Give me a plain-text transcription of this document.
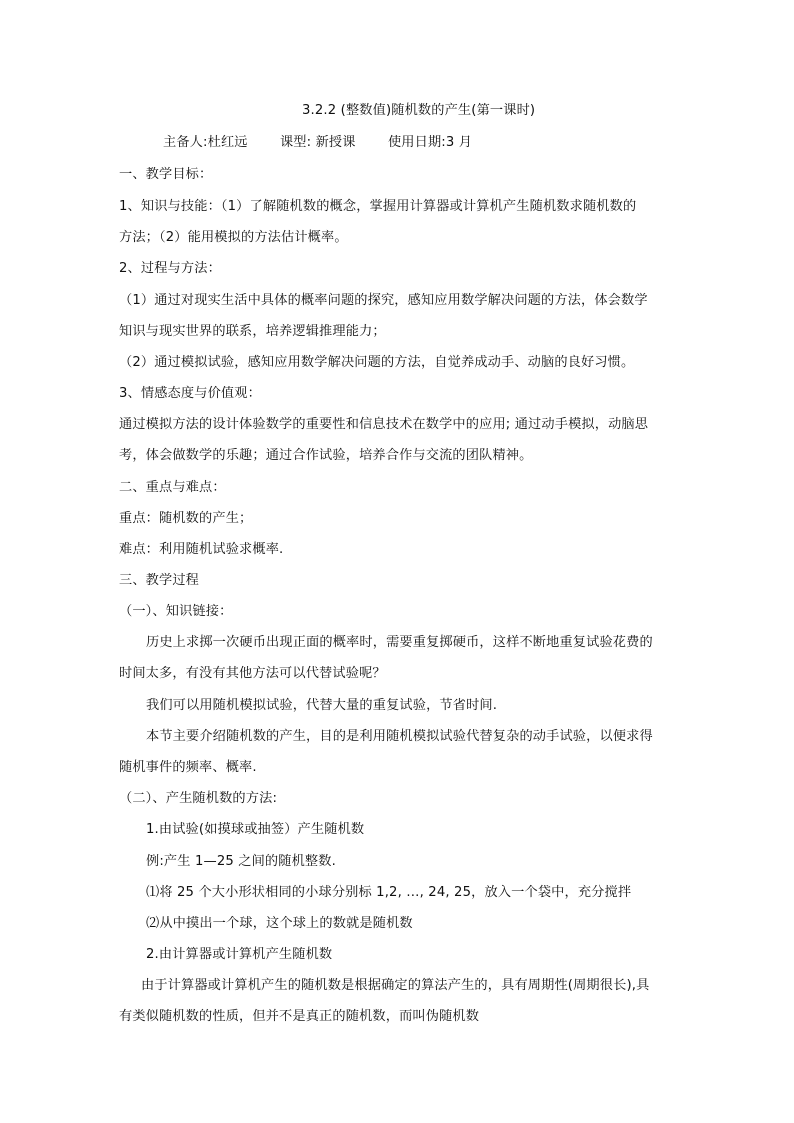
3.2.2 (整数值)随机数的产生(第一课时)
主备人:杜红远 课型: 新授课 使用日期:3 月
一、教学目标：
1、知识与技能：（1）了解随机数的概念，掌握用计算器或计算机产生随机数求随机数的
方法；（2）能用模拟的方法估计概率。
2、过程与方法：
（1）通过对现实生活中具体的概率问题的探究，感知应用数学解决问题的方法，体会数学
知识与现实世界的联系，培养逻辑推理能力；
（2）通过模拟试验，感知应用数学解决问题的方法，自觉养成动手、动脑的良好习惯。
3、情感态度与价值观：
通过模拟方法的设计体验数学的重要性和信息技术在数学中的应用; 通过动手模拟，动脑思
考，体会做数学的乐趣；通过合作试验，培养合作与交流的团队精神。
二、重点与难点：
重点：随机数的产生；
难点：利用随机试验求概率.
三、教学过程
（一）、知识链接：
历史上求掷一次硬币出现正面的概率时，需要重复掷硬币，这样不断地重复试验花费的
时间太多，有没有其他方法可以代替试验呢？
我们可以用随机模拟试验，代替大量的重复试验，节省时间.
本节主要介绍随机数的产生，目的是利用随机模拟试验代替复杂的动手试验，以便求得
随机事件的频率、概率.
（二）、产生随机数的方法:
1.由试验(如摸球或抽签）产生随机数
例:产生 1—25 之间的随机整数.
⑴将 25 个大小形状相同的小球分别标 1,2, …, 24, 25，放入一个袋中，充分搅拌
⑵从中摸出一个球，这个球上的数就是随机数
2.由计算器或计算机产生随机数
由于计算器或计算机产生的随机数是根据确定的算法产生的，具有周期性(周期很长),具
有类似随机数的性质，但并不是真正的随机数，而叫伪随机数
